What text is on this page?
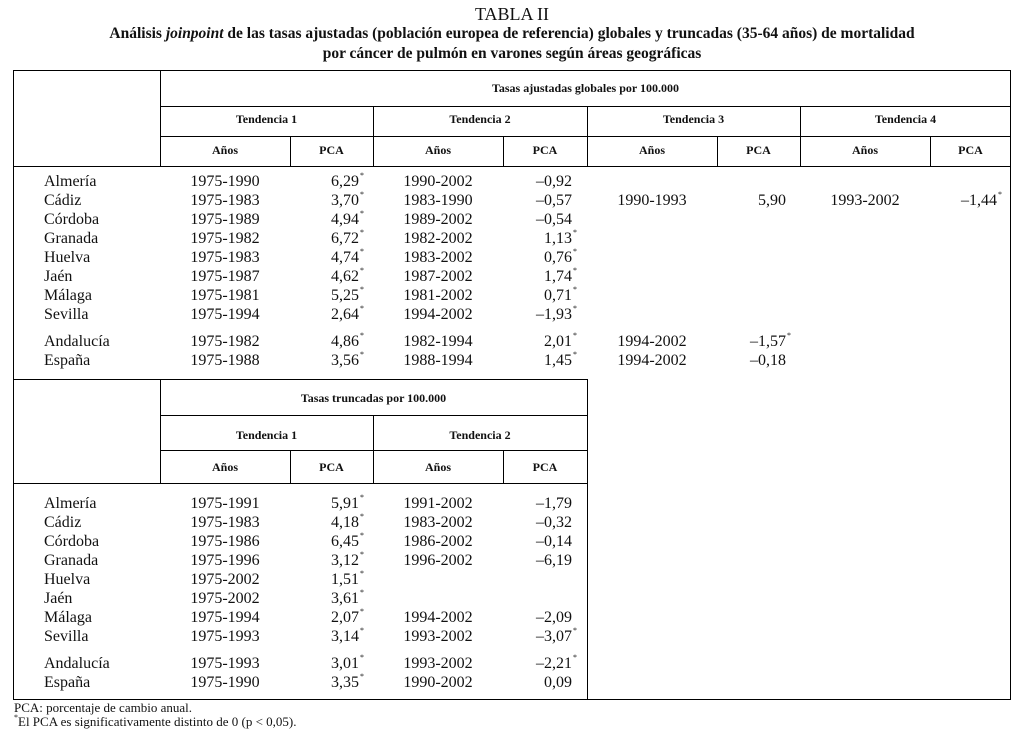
TABLA II
Análisis joinpoint de las tasas ajustadas (población europea de referencia) globales y truncadas (35-64 años) de mortalidad
por cáncer de pulmón en varones según áreas geográficas
Tasas ajustadas globales por 100.000
Tendencia 1	Tendencia 2	Tendencia 3	Tendencia 4
Años	PCA	Años	PCA	Años	PCA	Años	PCA
Tasas truncadas por 100.000
Tendencia 1	Tendencia 2
Años	PCA	Años	PCA
Almería	1975-1990	6,29 *	1990-2002	–0,92
Cádiz	1975-1983	3,70 *	1983-1990	–0,57	1990-1993	5,90	1993-2002	–1,44 *
Córdoba	1975-1989	4,94 *	1989-2002	–0,54
Granada	1975-1982	6,72 *	1982-2002	1,13 *
Huelva	1975-1983	4,74 *	1983-2002	0,76 *
Jaén	1975-1987	4,62 *	1987-2002	1,74 *
Málaga	1975-1981	5,25 *	1981-2002	0,71 *
Sevilla	1975-1994	2,64 *	1994-2002	–1,93 *
Andalucía	1975-1982	4,86 *	1982-1994	2,01 *	1994-2002	–1,57 *
España	1975-1988	3,56 *	1988-1994	1,45 *	1994-2002	–0,18
Almería	1975-1991	5,91 *	1991-2002	–1,79
Cádiz	1975-1983	4,18 *	1983-2002	–0,32
Córdoba	1975-1986	6,45 *	1986-2002	–0,14
Granada	1975-1996	3,12 *	1996-2002	–6,19
Huelva	1975-2002	1,51 *
Jaén	1975-2002	3,61 *
Málaga	1975-1994	2,07 *	1994-2002	–2,09
Sevilla	1975-1993	3,14 *	1993-2002	–3,07 *
Andalucía	1975-1993	3,01 *	1993-2002	–2,21 *
España	1975-1990	3,35 *	1990-2002	0,09
PCA: porcentaje de cambio anual.
*El PCA es significativamente distinto de 0 (p < 0,05).
